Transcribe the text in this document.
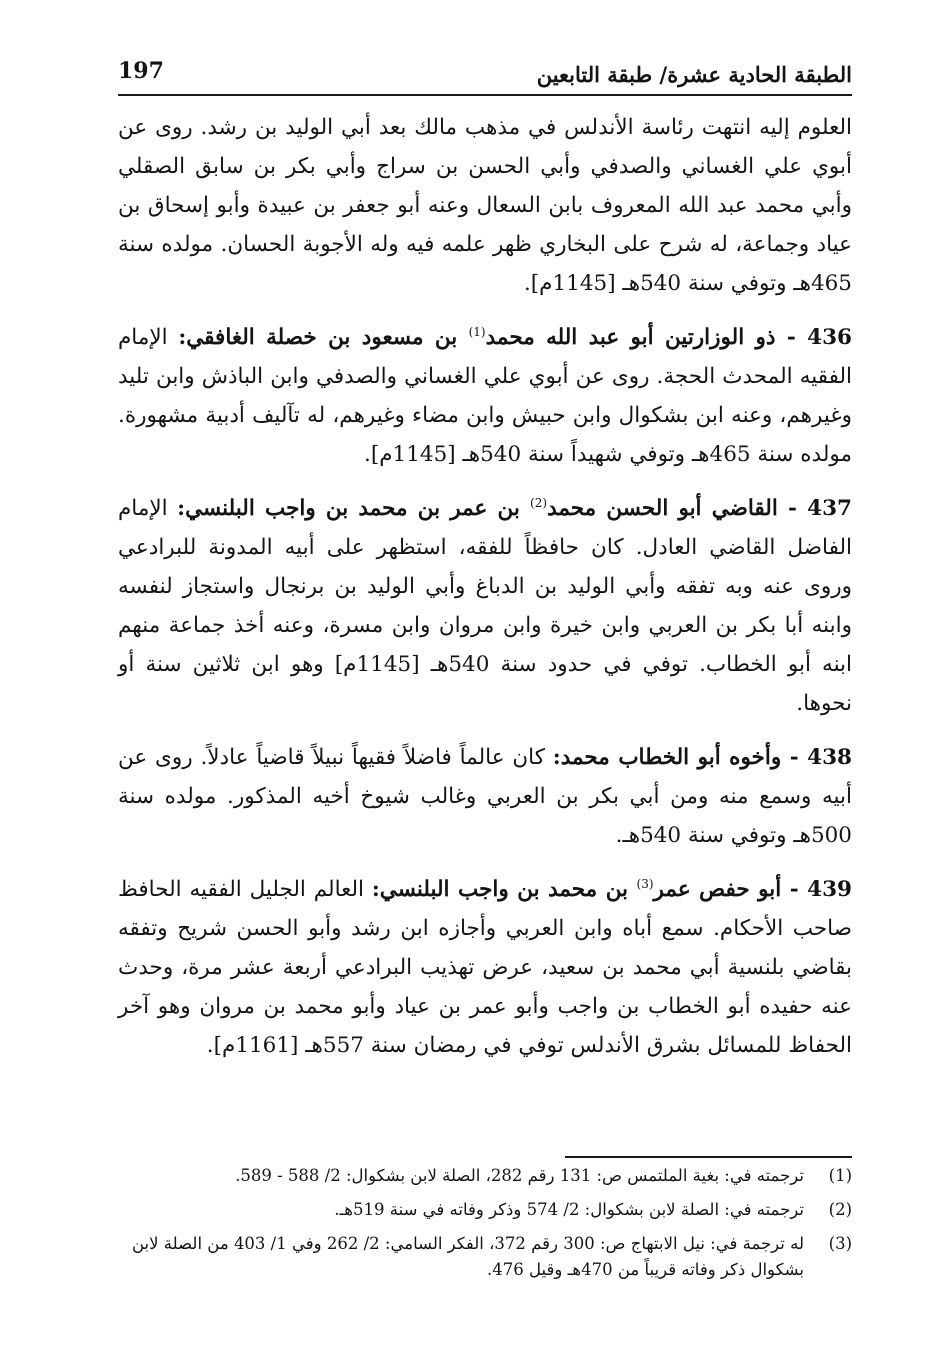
الطبقة الحادية عشرة/ طبقة التابعين
197

العلوم إليه انتهت رئاسة الأندلس في مذهب مالك بعد أبي الوليد بن رشد. روى عن أبوي علي الغساني والصدفي وأبي الحسن بن سراج وأبي بكر بن سابق الصقلي وأبي محمد عبد الله المعروف بابن السعال وعنه أبو جعفر بن عبيدة وأبو إسحاق بن عياد وجماعة، له شرح على البخاري ظهر علمه فيه وله الأجوبة الحسان. مولده سنة 465هـ وتوفي سنة 540هـ [1145م].

436 - ذو الوزارتين أبو عبد الله محمد$^{(1)}$ بن مسعود بن خصلة الغافقي: الإمام الفقيه المحدث الحجة. روى عن أبوي علي الغساني والصدفي وابن الباذش وابن تليد وغيرهم، وعنه ابن بشكوال وابن حبيش وابن مضاء وغيرهم، له تآليف أدبية مشهورة. مولده سنة 465هـ وتوفي شهيداً سنة 540هـ [1145م].

437 - القاضي أبو الحسن محمد$^{(2)}$ بن عمر بن محمد بن واجب البلنسي: الإمام الفاضل القاضي العادل. كان حافظاً للفقه، استظهر على أبيه المدونة للبرادعي وروى عنه وبه تفقه وأبي الوليد بن الدباغ وأبي الوليد بن برنجال واستجاز لنفسه وابنه أبا بكر بن العربي وابن خيرة وابن مروان وابن مسرة، وعنه أخذ جماعة منهم ابنه أبو الخطاب. توفي في حدود سنة 540هـ [1145م] وهو ابن ثلاثين سنة أو نحوها.

438 - وأخوه أبو الخطاب محمد: كان عالماً فاضلاً فقيهاً نبيلاً قاضياً عادلاً. روى عن أبيه وسمع منه ومن أبي بكر بن العربي وغالب شيوخ أخيه المذكور. مولده سنة 500هـ وتوفي سنة 540هـ.

439 - أبو حفص عمر$^{(3)}$ بن محمد بن واجب البلنسي: العالم الجليل الفقيه الحافظ صاحب الأحكام. سمع أباه وابن العربي وأجازه ابن رشد وأبو الحسن شريح وتفقه بقاضي بلنسية أبي محمد بن سعيد، عرض تهذيب البرادعي أربعة عشر مرة، وحدث عنه حفيده أبو الخطاب بن واجب وأبو عمر بن عياد وأبو محمد بن مروان وهو آخر الحفاظ للمسائل بشرق الأندلس توفي في رمضان سنة 557هـ [1161م].

(1)
ترجمته في: بغية الملتمس ص: 131 رقم 282، الصلة لابن بشكوال: 2/ 588 - 589.
(2)
ترجمته في: الصلة لابن بشكوال: 2/ 574 وذكر وفاته في سنة 519هـ.
(3)
له ترجمة في: نيل الابتهاج ص: 300 رقم 372، الفكر السامي: 2/ 262 وفي 1/ 403 من الصلة لابن بشكوال ذكر وفاته قريباً من 470هـ وقيل 476.
